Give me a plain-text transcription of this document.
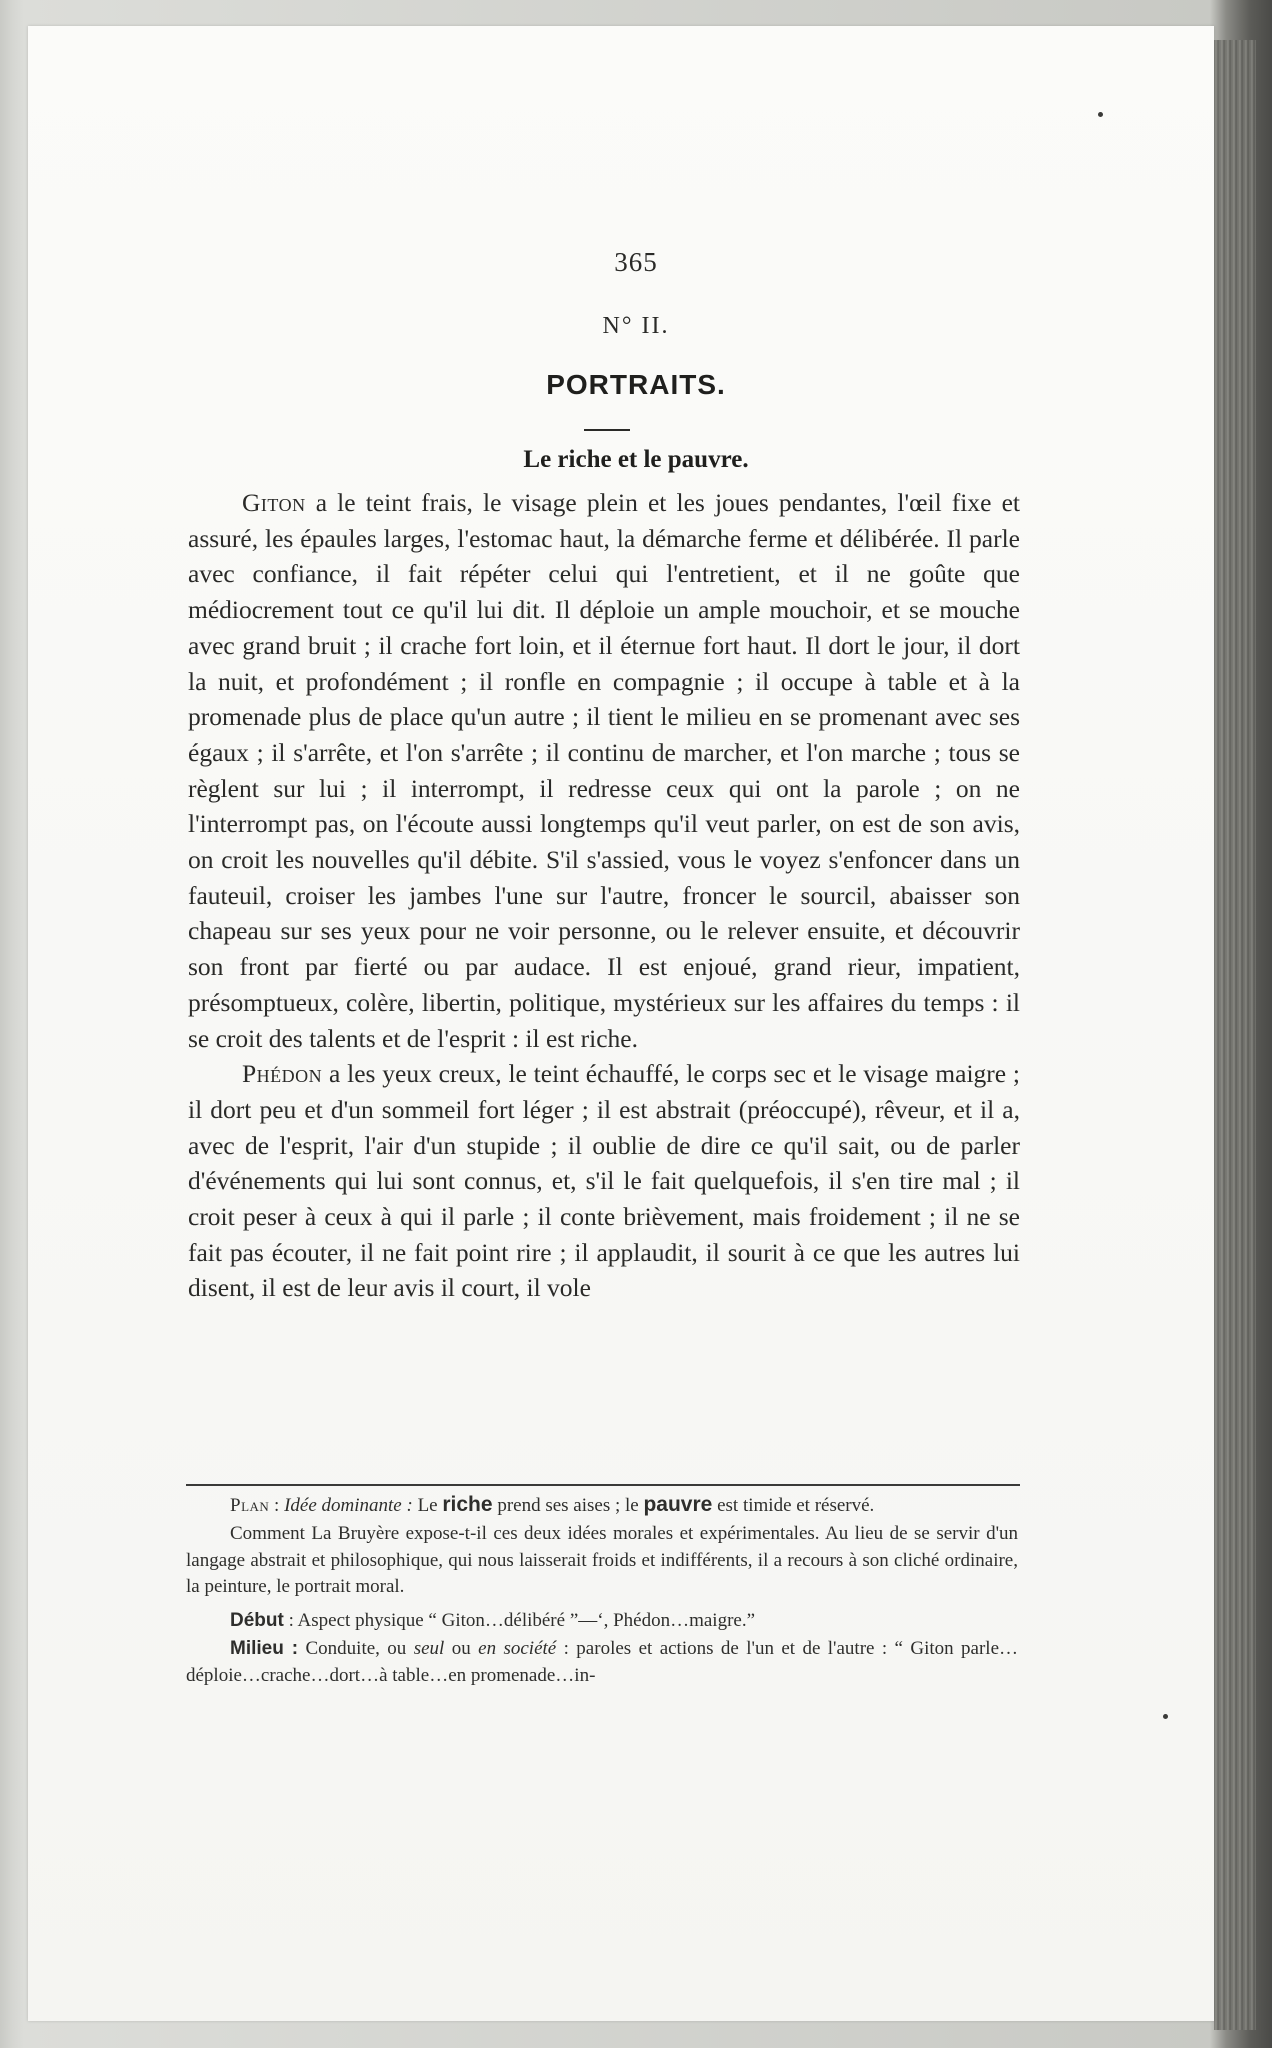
365
N° II.
PORTRAITS.
Le riche et le pauvre.

Giton a le teint frais, le visage plein et les joues pendantes, l'œil fixe et assuré, les épaules larges, l'estomac haut, la démarche ferme et délibérée. Il parle avec confiance, il fait répéter celui qui l'entretient, et il ne goûte que médiocrement tout ce qu'il lui dit. Il déploie un ample mouchoir, et se mouche avec grand bruit ; il crache fort loin, et il éternue fort haut. Il dort le jour, il dort la nuit, et profondément ; il ronfle en compagnie ; il occupe à table et à la promenade plus de place qu'un autre ; il tient le milieu en se promenant avec ses égaux ; il s'arrête, et l'on s'arrête ; il continu de marcher, et l'on marche ; tous se règlent sur lui ; il interrompt, il redresse ceux qui ont la parole ; on ne l'interrompt pas, on l'écoute aussi longtemps qu'il veut parler, on est de son avis, on croit les nouvelles qu'il débite. S'il s'assied, vous le voyez s'enfoncer dans un fauteuil, croiser les jambes l'une sur l'autre, froncer le sourcil, abaisser son chapeau sur ses yeux pour ne voir personne, ou le relever ensuite, et découvrir son front par fierté ou par audace. Il est enjoué, grand rieur, impatient, présomptueux, colère, libertin, politique, mystérieux sur les affaires du temps : il se croit des talents et de l'esprit : il est riche.

Phédon a les yeux creux, le teint échauffé, le corps sec et le visage maigre ; il dort peu et d'un sommeil fort léger ; il est abstrait (préoccupé), rêveur, et il a, avec de l'esprit, l'air d'un stupide ; il oublie de dire ce qu'il sait, ou de parler d'événements qui lui sont connus, et, s'il le fait quelquefois, il s'en tire mal ; il croit peser à ceux à qui il parle ; il conte brièvement, mais froidement ; il ne se fait pas écouter, il ne fait point rire ; il applaudit, il sourit à ce que les autres lui disent, il est de leur avis il court, il vole

Plan : Idée dominante : Le riche prend ses aises ; le pauvre est timide et réservé.

Comment La Bruyère expose-t-il ces deux idées morales et expérimentales. Au lieu de se servir d'un langage abstrait et philosophique, qui nous laisserait froids et indifférents, il a recours à son cliché ordinaire, la peinture, le portrait moral.

Début : Aspect physique “ Giton…délibéré ”—‘, Phédon…maigre.”

Milieu : Conduite, ou seul ou en société : paroles et actions de l'un et de l'autre : “ Giton parle…déploie…crache…dort…à table…en promenade…in-
